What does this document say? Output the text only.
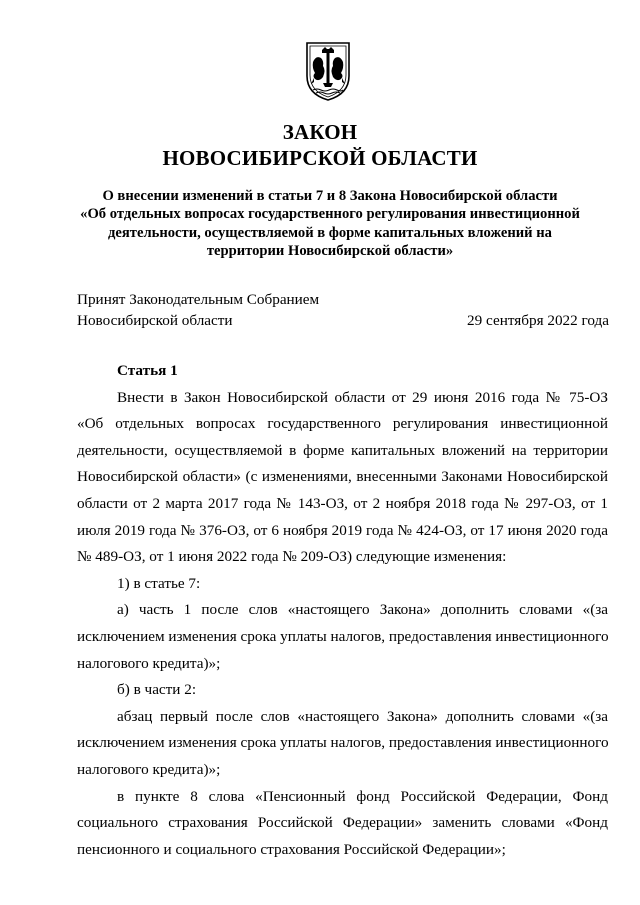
ЗАКОН
НОВОСИБИРСКОЙ ОБЛАСТИ
О внесении изменений в статьи 7 и 8 Закона Новосибирской области
«Об отдельных вопросах государственного регулирования инвестиционной
деятельности, осуществляемой в форме капитальных вложений на
территории Новосибирской области»
Принят Законодательным Собранием
Новосибирской области	29 сентября 2022 года
Статья 1
Внести в Закон Новосибирской области от 29 июня 2016 года № 75-ОЗ
«Об отдельных вопросах государственного регулирования инвестиционной
деятельности, осуществляемой в форме капитальных вложений на территории
Новосибирской области» (с изменениями, внесенными Законами Новосибирской
области от 2 марта 2017 года № 143-ОЗ, от 2 ноября 2018 года № 297-ОЗ, от 1
июля 2019 года № 376-ОЗ, от 6 ноября 2019 года № 424-ОЗ, от 17 июня 2020 года
№ 489-ОЗ, от 1 июня 2022 года № 209-ОЗ) следующие изменения:
1) в статье 7:
а) часть 1 после слов «настоящего Закона» дополнить словами «(за
исключением изменения срока уплаты налогов, предоставления инвестиционного
налогового кредита)»;
б) в части 2:
абзац первый после слов «настоящего Закона» дополнить словами «(за
исключением изменения срока уплаты налогов, предоставления инвестиционного
налогового кредита)»;
в пункте 8 слова «Пенсионный фонд Российской Федерации, Фонд
социального страхования Российской Федерации» заменить словами «Фонд
пенсионного и социального страхования Российской Федерации»;
